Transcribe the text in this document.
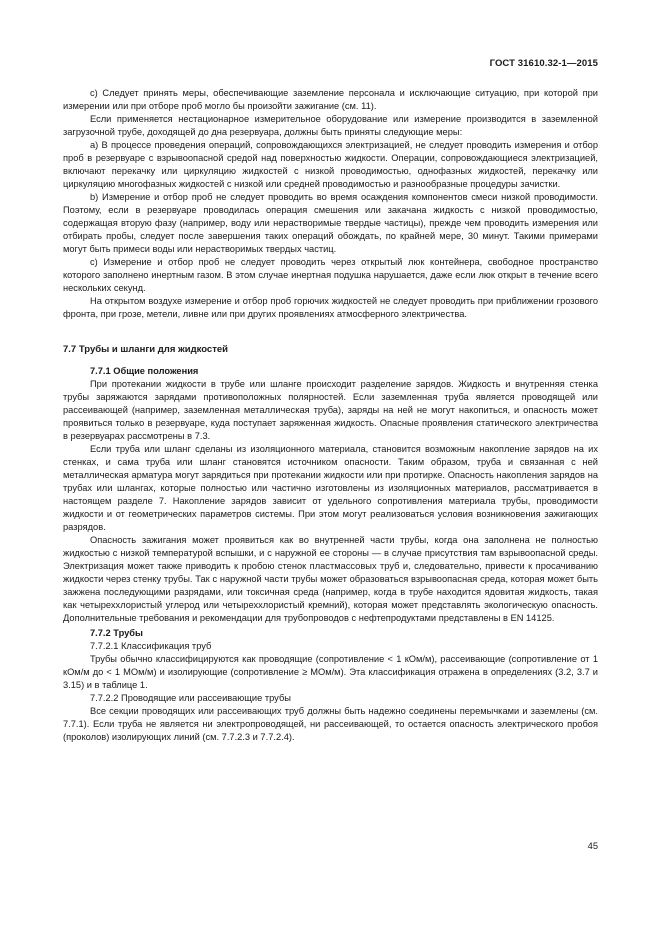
ГОСТ 31610.32-1—2015

c) Следует принять меры, обеспечивающие заземление персонала и исключающие ситуацию, при которой при измерении или при отборе проб могло бы произойти зажигание (см. 11).

Если применяется нестационарное измерительное оборудование или измерение производится в заземленной загрузочной трубе, доходящей до дна резервуара, должны быть приняты следующие меры:

a) В процессе проведения операций, сопровождающихся электризацией, не следует проводить измерения и отбор проб в резервуаре с взрывоопасной средой над поверхностью жидкости. Операции, сопровождающиеся электризацией, включают перекачку или циркуляцию жидкостей с низкой проводимостью, однофазных жидкостей, перекачку или циркуляцию многофазных жидкостей с низкой или средней проводимостью и разнообразные процедуры зачистки.

b) Измерение и отбор проб не следует проводить во время осаждения компонентов смеси низкой проводимости. Поэтому, если в резервуаре проводилась операция смешения или закачана жидкость с низкой проводимостью, содержащая вторую фазу (например, воду или нерастворимые твердые частицы), прежде чем проводить измерения или отбирать пробы, следует после завершения таких операций обождать, по крайней мере, 30 минут. Такими примерами могут быть примеси воды или нерастворимых твердых частиц.

c) Измерение и отбор проб не следует проводить через открытый люк контейнера, свободное пространство которого заполнено инертным газом. В этом случае инертная подушка нарушается, даже если люк открыт в течение всего нескольких секунд.

На открытом воздухе измерение и отбор проб горючих жидкостей не следует проводить при приближении грозового фронта, при грозе, метели, ливне или при других проявлениях атмосферного электричества.

7.7 Трубы и шланги для жидкостей
7.7.1 Общие положения

При протекании жидкости в трубе или шланге происходит разделение зарядов. Жидкость и внутренняя стенка трубы заряжаются зарядами противоположных полярностей. Если заземленная труба является проводящей или рассеивающей (например, заземленная металлическая труба), заряды на ней не могут накопиться, и опасность может проявиться только в резервуаре, куда поступает заряженная жидкость. Опасные проявления статического электричества в резервуарах рассмотрены в 7.3.

Если труба или шланг сделаны из изоляционного материала, становится возможным накопление зарядов на их стенках, и сама труба или шланг становятся источником опасности. Таким образом, труба и связанная с ней металлическая арматура могут зарядиться при протекании жидкости или при протирке. Опасность накопления зарядов на трубах или шлангах, которые полностью или частично изготовлены из изоляционных материалов, рассматривается в настоящем разделе 7. Накопление зарядов зависит от удельного сопротивления материала трубы, проводимости жидкости и от геометрических параметров системы. При этом могут реализоваться условия возникновения зажигающих разрядов.

Опасность зажигания может проявиться как во внутренней части трубы, когда она заполнена не полностью жидкостью с низкой температурой вспышки, и с наружной ее стороны — в случае присутствия там взрывоопасной среды. Электризация может также приводить к пробою стенок пластмассовых труб и, следовательно, привести к просачиванию жидкости через стенку трубы. Так с наружной части трубы может образоваться взрывоопасная среда, которая может быть зажжена последующими разрядами, или токсичная среда (например, когда в трубе находится ядовитая жидкость, такая как четыреххлористый углерод или четыреххлористый кремний), которая может представлять экологическую опасность. Дополнительные требования и рекомендации для трубопроводов с нефтепродуктами представлены в EN 14125.

7.7.2 Трубы

7.7.2.1 Классификация труб

Трубы обычно классифицируются как проводящие (сопротивление < 1 кОм/м), рассеивающие (сопротивление от 1 кОм/м до < 1 МОм/м) и изолирующие (сопротивление ≥ МОм/м). Эта классификация отражена в определениях (3.2, 3.7 и 3.15) и в таблице 1.

7.7.2.2 Проводящие или рассеивающие трубы

Все секции проводящих или рассеивающих труб должны быть надежно соединены перемычками и заземлены (см. 7.7.1). Если труба не является ни электропроводящей, ни рассеивающей, то остается опасность электрического пробоя (проколов) изолирующих линий (см. 7.7.2.3 и 7.7.2.4).

45
